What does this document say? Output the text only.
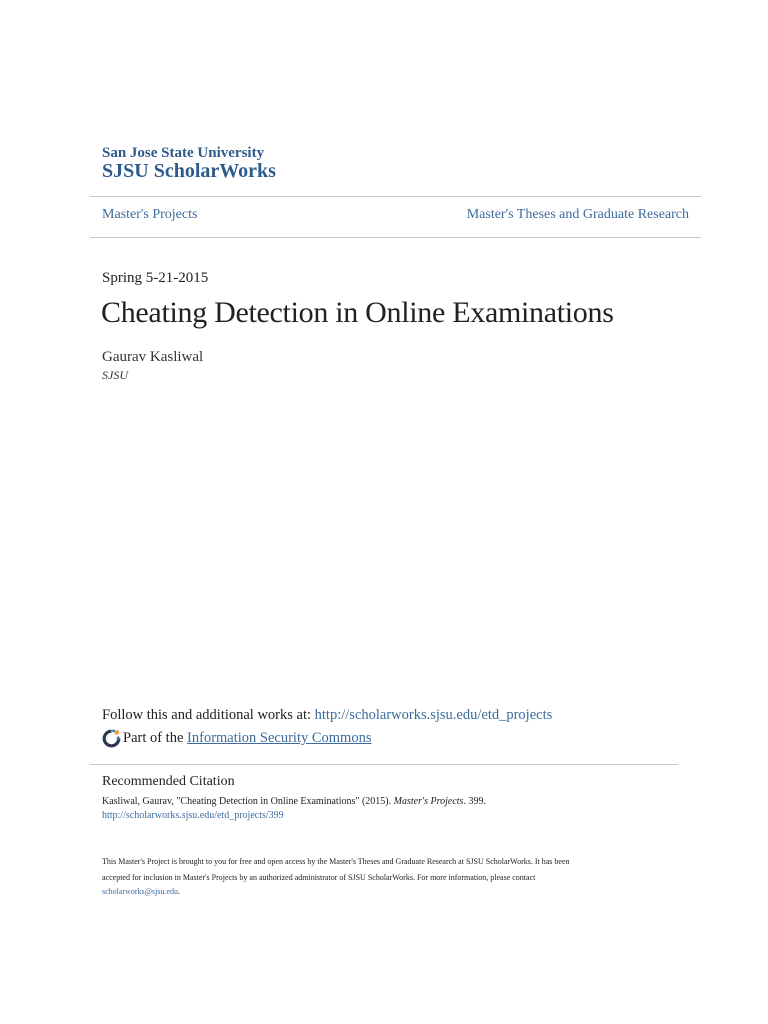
San Jose State University
SJSU ScholarWorks
Master's Projects	Master's Theses and Graduate Research
Spring 5-21-2015
Cheating Detection in Online Examinations
Gaurav Kasliwal
SJSU
Follow this and additional works at: http://scholarworks.sjsu.edu/etd_projects
Part of the
Information Security Commons
Recommended Citation
Kasliwal, Gaurav, "Cheating Detection in Online Examinations" (2015). Master's Projects. 399.
http://scholarworks.sjsu.edu/etd_projects/399
This Master's Project is brought to you for free and open access by the Master's Theses and Graduate Research at SJSU ScholarWorks. It has been
accepted for inclusion in Master's Projects by an authorized administrator of SJSU ScholarWorks. For more information, please contact
scholarworks@sjsu.edu.
